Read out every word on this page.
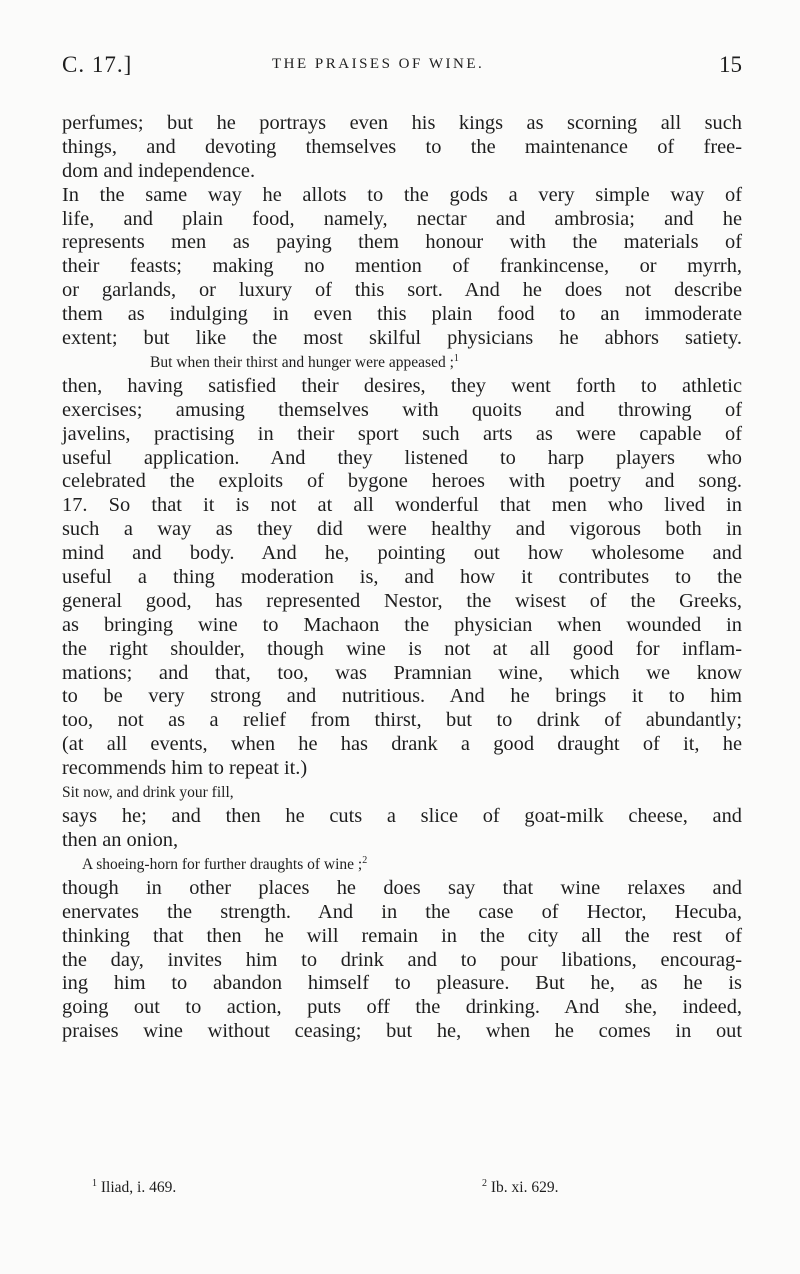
C. 17.]	THE PRAISES OF WINE.	15
perfumes; but he portrays even his kings as scorning all such
things, and devoting themselves to the maintenance of free-
dom and independence.
In the same way he allots to the gods a very simple way of
life, and plain food, namely, nectar and ambrosia; and he
represents men as paying them honour with the materials of
their feasts; making no mention of frankincense, or myrrh,
or garlands, or luxury of this sort. And he does not describe
them as indulging in even this plain food to an immoderate
extent; but like the most skilful physicians he abhors satiety.
But when their thirst and hunger were appeased ;$^1$
then, having satisfied their desires, they went forth to athletic
exercises; amusing themselves with quoits and throwing of
javelins, practising in their sport such arts as were capable of
useful application. And they listened to harp players who
celebrated the exploits of bygone heroes with poetry and song.
17. So that it is not at all wonderful that men who lived in
such a way as they did were healthy and vigorous both in
mind and body. And he, pointing out how wholesome and
useful a thing moderation is, and how it contributes to the
general good, has represented Nestor, the wisest of the Greeks,
as bringing wine to Machaon the physician when wounded in
the right shoulder, though wine is not at all good for inflam-
mations; and that, too, was Pramnian wine, which we know
to be very strong and nutritious. And he brings it to him
too, not as a relief from thirst, but to drink of abundantly;
(at all events, when he has drank a good draught of it, he
recommends him to repeat it.)
Sit now, and drink your fill,
says he; and then he cuts a slice of goat-milk cheese, and
then an onion,
A shoeing-horn for further draughts of wine ;$^2$
though in other places he does say that wine relaxes and
enervates the strength. And in the case of Hector, Hecuba,
thinking that then he will remain in the city all the rest of
the day, invites him to drink and to pour libations, encourag-
ing him to abandon himself to pleasure. But he, as he is
going out to action, puts off the drinking. And she, indeed,
praises wine without ceasing; but he, when he comes in out
$^1$ Iliad, i. 469.	$^2$ Ib. xi. 629.
